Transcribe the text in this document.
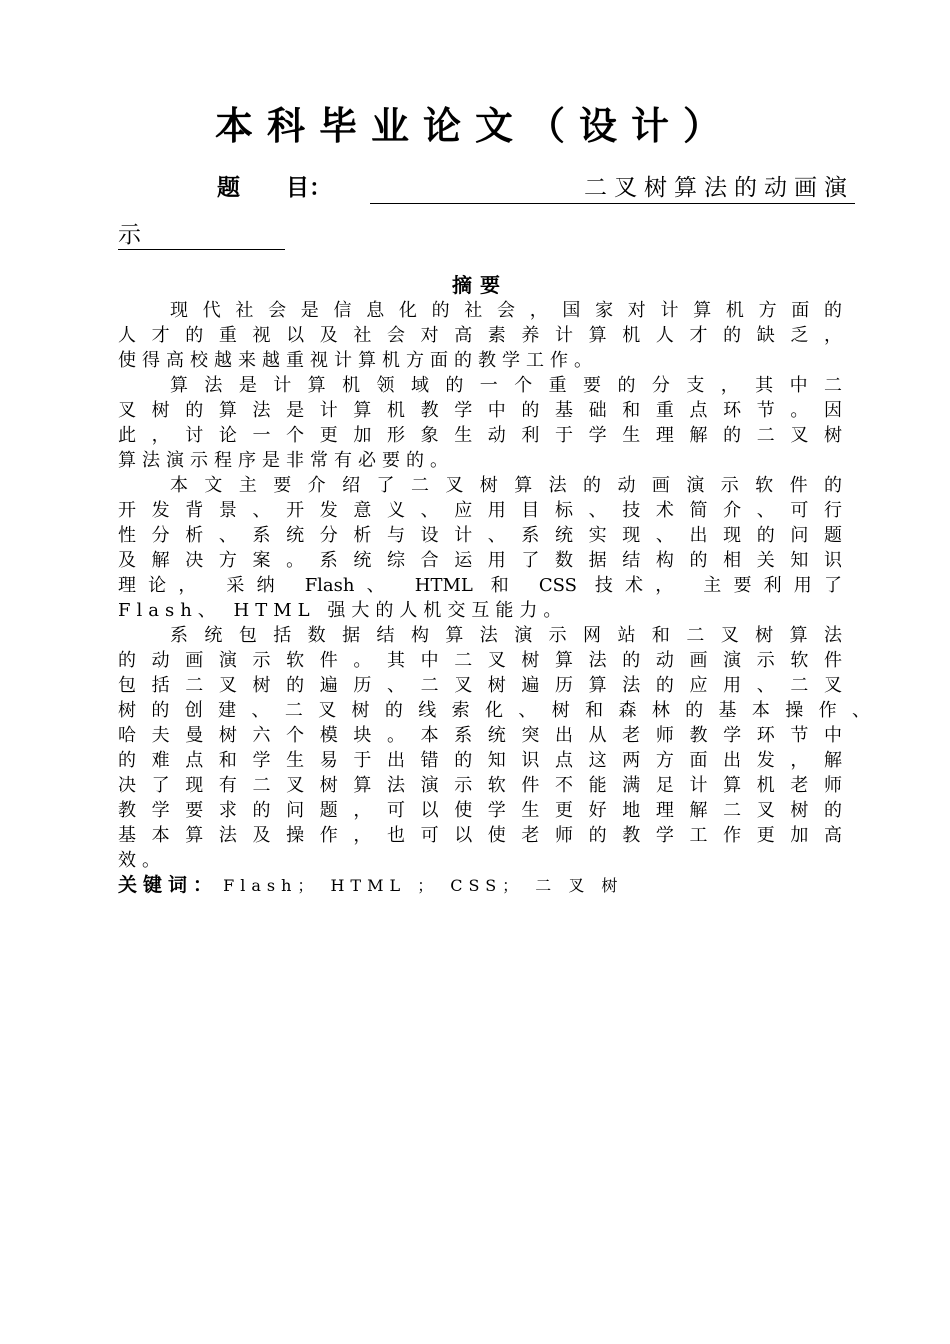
本科毕业论文（设计）
题　　目：	二叉树算法的动画演
示
摘要
现代社会是信息化的社会，国家对计算机方面的
人才的重视以及社会对高素养计算机人才的缺乏，
使得高校越来越重视计算机方面的教学工作。
算法是计算机领域的一个重要的分支，其中二
叉树的算法是计算机教学中的基础和重点环节。因
此，讨论一个更加形象生动利于学生理解的二叉树
算法演示程序是非常有必要的。
本文主要介绍了二叉树算法的动画演示软件的
开发背景、开发意义、应用目标、技术简介、可行
性分析、系统分析与设计、系统实现、出现的问题
及解决方案。系统综合运用了数据结构的相关知识
理论， 采纳 Flash、 HTML 和 CSS 技术， 主要利用了
Flash、 HTML 强大的人机交互能力。
系统包括数据结构算法演示网站和二叉树算法
的动画演示软件。其中二叉树算法的动画演示软件
包括二叉树的遍历、二叉树遍历算法的应用、二叉
树的创建、二叉树的线索化、树和森林的基本操作、
哈夫曼树六个模块。本系统突出从老师教学环节中
的难点和学生易于出错的知识点这两方面出发，解
决了现有二叉树算法演示软件不能满足计算机老师
教学要求的问题，可以使学生更好地理解二叉树的
基本算法及操作，也可以使老师的教学工作更加高
效。
关键词： Flash； HTML ； CSS； 二 叉 树
